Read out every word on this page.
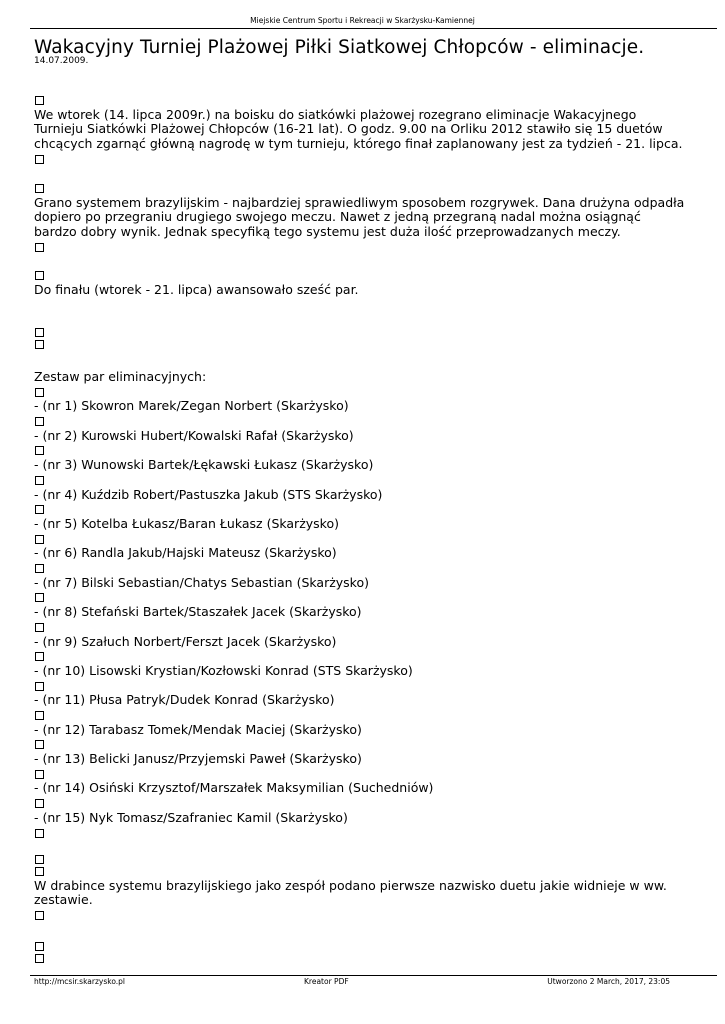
Miejskie Centrum Sportu i Rekreacji w Skarżysku-Kamiennej
Wakacyjny Turniej Plażowej Piłki Siatkowej Chłopców - eliminacje.
14.07.2009.

We wtorek (14. lipca 2009r.) na boisku do siatkówki plażowej rozegrano eliminacje Wakacyjnego Turnieju Siatkówki Plażowej Chłopców (16-21 lat). O godz. 9.00 na Orliku 2012 stawiło się 15 duetów chcących zgarnąć główną nagrodę w tym turnieju, którego finał zaplanowany jest za tydzień - 21. lipca.

Grano systemem brazylijskim - najbardziej sprawiedliwym sposobem rozgrywek. Dana drużyna odpadła dopiero po przegraniu drugiego swojego meczu. Nawet z jedną przegraną nadal można osiągnąć bardzo dobry wynik. Jednak specyfiką tego systemu jest duża ilość przeprowadzanych meczy.

Do finału (wtorek - 21. lipca) awansowało sześć par.

Zestaw par eliminacyjnych:

- (nr 1) Skowron Marek/Zegan Norbert (Skarżysko)
- (nr 2) Kurowski Hubert/Kowalski Rafał (Skarżysko)
- (nr 3) Wunowski Bartek/Łękawski Łukasz (Skarżysko)
- (nr 4) Kuździb Robert/Pastuszka Jakub (STS Skarżysko)
- (nr 5) Kotelba Łukasz/Baran Łukasz (Skarżysko)
- (nr 6) Randla Jakub/Hajski Mateusz (Skarżysko)
- (nr 7) Bilski Sebastian/Chatys Sebastian (Skarżysko)
- (nr 8) Stefański Bartek/Staszałek Jacek (Skarżysko)
- (nr 9) Szałuch Norbert/Ferszt Jacek (Skarżysko)
- (nr 10) Lisowski Krystian/Kozłowski Konrad (STS Skarżysko)
- (nr 11) Płusa Patryk/Dudek Konrad (Skarżysko)
- (nr 12) Tarabasz Tomek/Mendak Maciej (Skarżysko)
- (nr 13) Belicki Janusz/Przyjemski Paweł (Skarżysko)
- (nr 14) Osiński Krzysztof/Marszałek Maksymilian (Suchedniów)
- (nr 15) Nyk Tomasz/Szafraniec Kamil (Skarżysko)

W drabince systemu brazylijskiego jako zespół podano pierwsze nazwisko duetu jakie widnieje w ww. zestawie.

http://mcsir.skarzysko.pl	Kreator PDF	Utworzono 2 March, 2017, 23:05
